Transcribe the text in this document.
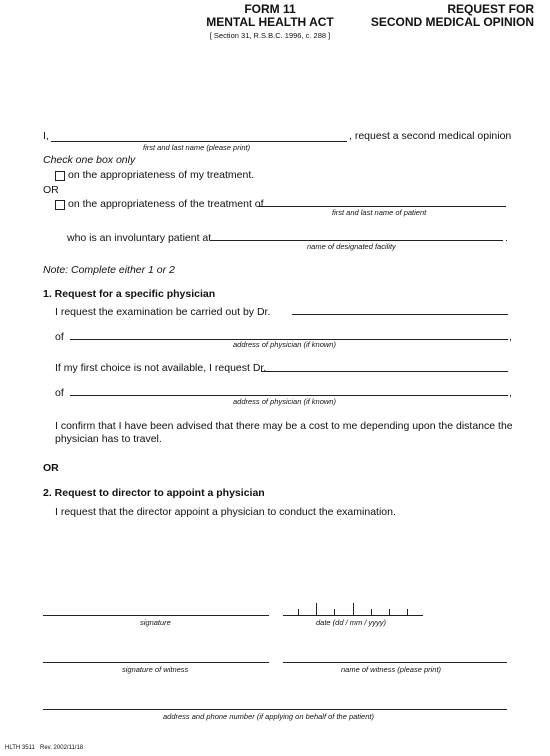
FORM 11
MENTAL HEALTH ACT
[ Section 31, R.S.B.C. 1996, c. 288 ]
REQUEST FOR
SECOND MEDICAL OPINION
I,	, request a second medical opinion
first and last name (please print)
Check one box only
on the appropriateness of my treatment.
OR
on the appropriateness of the treatment of
first and last name of patient
who is an involuntary patient at	.
name of designated facility
Note: Complete either 1 or 2
1. Request for a specific physician
I request the examination be carried out by Dr.
of	,
address of physician (if known)
If my first choice is not available, I request Dr.
of	,
address of physician (if known)
I confirm that I have been advised that there may be a cost to me depending upon the distance the
physician has to travel.
OR
2. Request to director to appoint a physician
I request that the director appoint a physician to conduct the examination.
signature	date (dd / mm / yyyy)
signature of witness	name of witness (please print)
address and phone number (if applying on behalf of the patient)
HLTH 3511 Rev. 2002/11/18
